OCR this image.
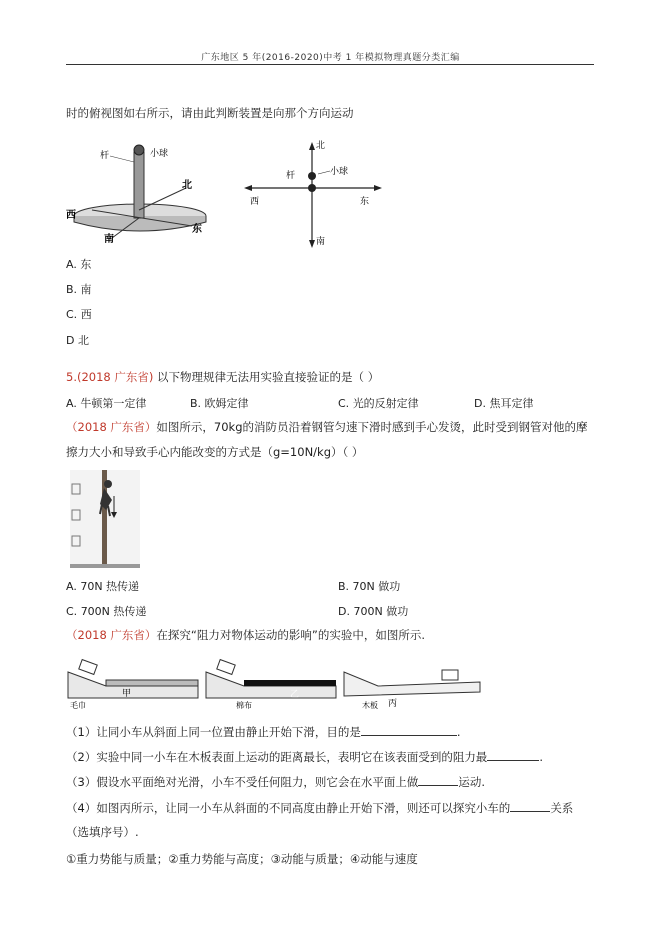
广东地区 5 年(2016-2020)中考 1 年模拟物理真题分类汇编
时的俯视图如右所示，请由此判断装置是向那个方向运动
杆	小球
北
西
南
东
北
杆	小球
西	东
南
A. 东
B. 南
C. 西
D 北
5.(2018 广东省) 以下物理规律无法用实验直接验证的是（ ）
A. 牛顿第一定律	B. 欧姆定律	C. 光的反射定律	D. 焦耳定律
（2018 广东省）如图所示，70kg的消防员沿着钢管匀速下滑时感到手心发烫，此时受到钢管对他的摩
擦力大小和导致手心内能改变的方式是（g=10N/kg）（ ）
A. 70N 热传递	B. 70N 做功
C. 700N 热传递	D. 700N 做功
（2018 广东省）在探究“阻力对物体运动的影响”的实验中，如图所示.
毛巾
甲
棉布
乙
木板 丙
（1）让同小车从斜面上同一位置由静止开始下滑，目的是	.
（2）实验中同一小车在木板表面上运动的距离最长，表明它在该表面受到的阻力最	.
（3）假设水平面绝对光滑，小车不受任何阻力，则它会在水平面上做	运动.
（4）如图丙所示，让同一小车从斜面的不同高度由静止开始下滑，则还可以探究小车的	关系
（选填序号）.
①重力势能与质量；②重力势能与高度；③动能与质量；④动能与速度
